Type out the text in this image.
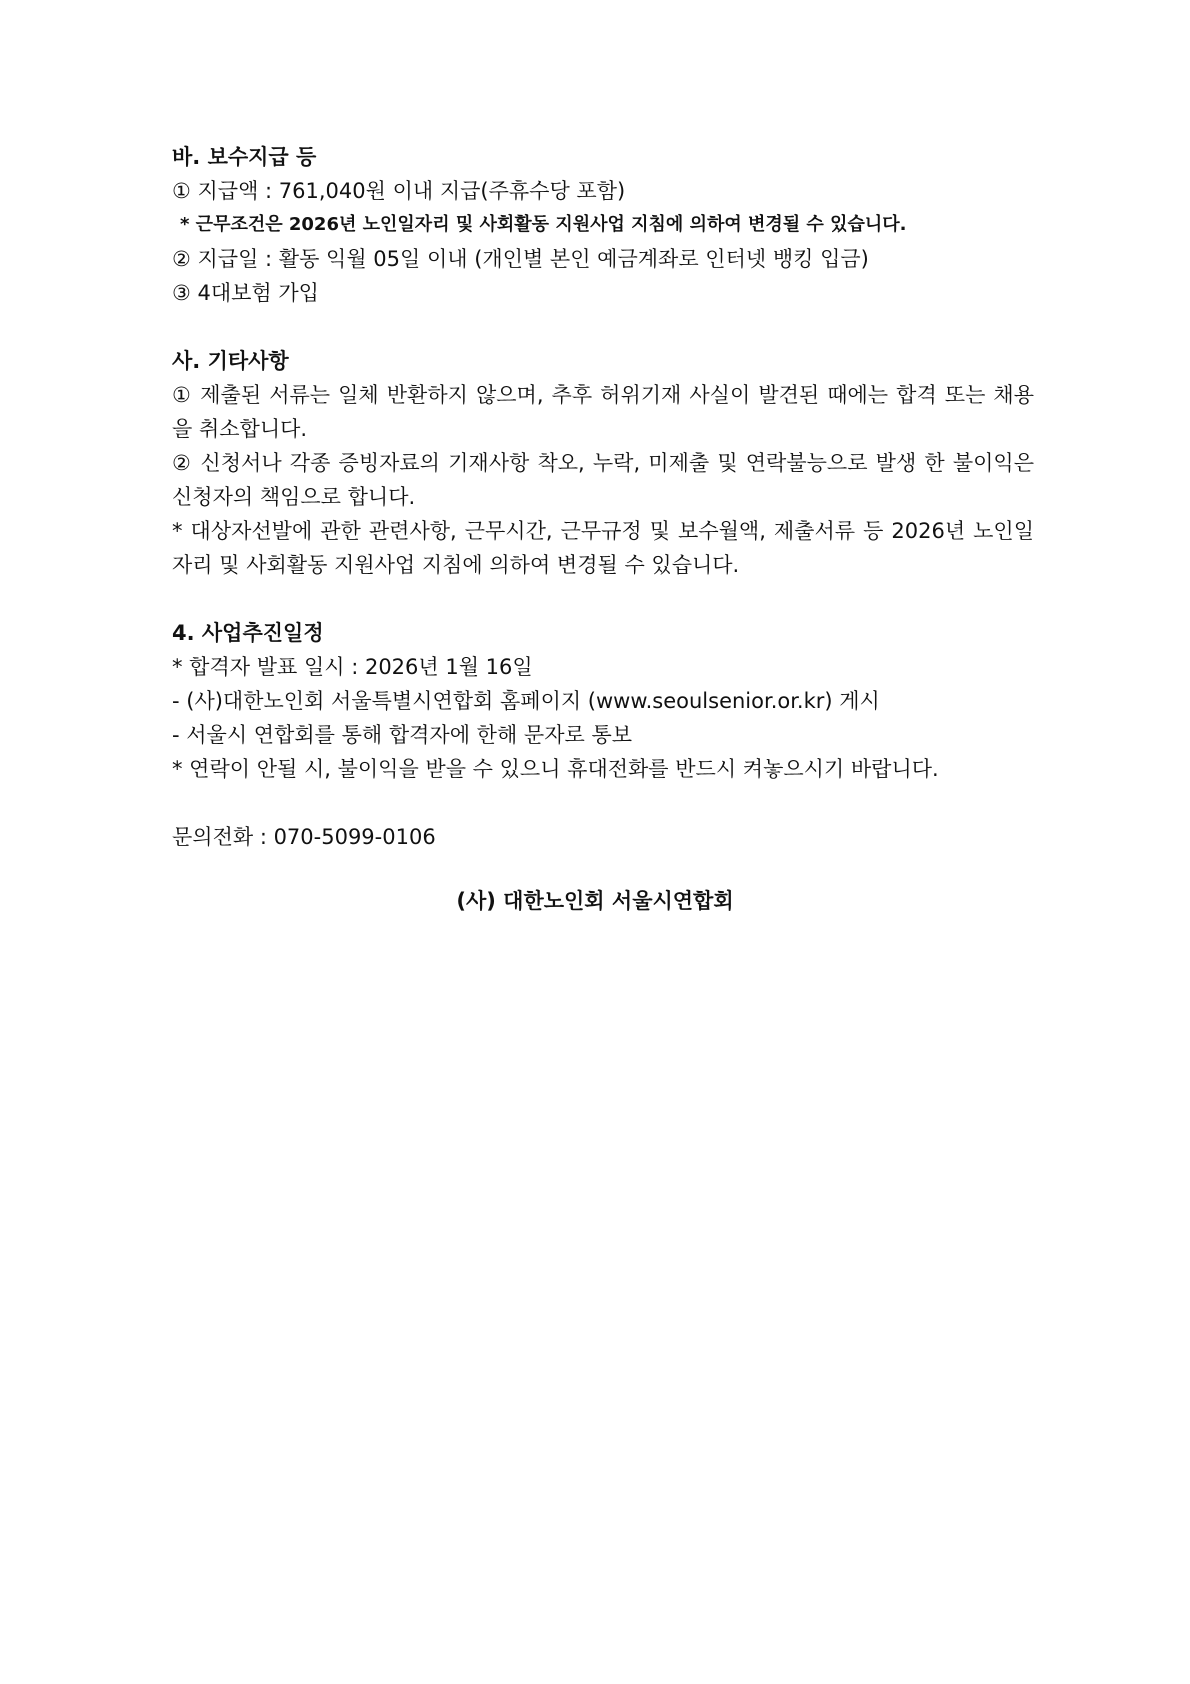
바. 보수지급 등
① 지급액 : 761,040원 이내 지급(주휴수당 포함)
* 근무조건은 2026년 노인일자리 및 사회활동 지원사업 지침에 의하여 변경될 수 있습니다.
② 지급일 : 활동 익월 05일 이내 (개인별 본인 예금계좌로 인터넷 뱅킹 입금)
③ 4대보험 가입
사. 기타사항
① 제출된 서류는 일체 반환하지 않으며, 추후 허위기재 사실이 발견된 때에는 합격 또는 채용을 취소합니다.
② 신청서나 각종 증빙자료의 기재사항 착오, 누락, 미제출 및 연락불능으로 발생 한 불이익은 신청자의 책임으로 합니다.
* 대상자선발에 관한 관련사항, 근무시간, 근무규정 및 보수월액, 제출서류 등 2026년 노인일자리 및 사회활동 지원사업 지침에 의하여 변경될 수 있습니다.
4. 사업추진일정
* 합격자 발표 일시 : 2026년 1월 16일
- (사)대한노인회 서울특별시연합회 홈페이지 (www.seoulsenior.or.kr) 게시
- 서울시 연합회를 통해 합격자에 한해 문자로 통보
* 연락이 안될 시, 불이익을 받을 수 있으니 휴대전화를 반드시 켜놓으시기 바랍니다.
문의전화 : 070-5099-0106
(사) 대한노인회 서울시연합회
